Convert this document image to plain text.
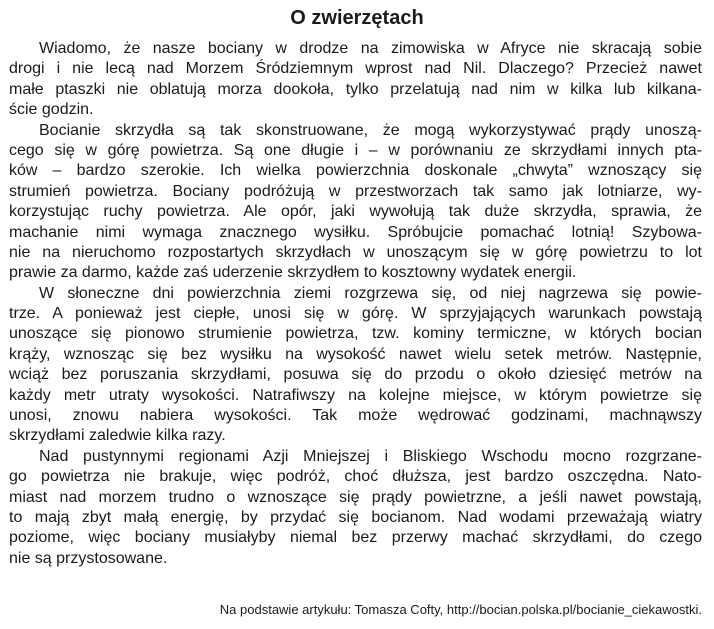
O zwierzętach
Wiadomo, że nasze bociany w drodze na zimowiska w Afryce nie skracają sobie
drogi i nie lecą nad Morzem Śródziemnym wprost nad Nil. Dlaczego? Przecież nawet
małe ptaszki nie oblatują morza dookoła, tylko przelatują nad nim w kilka lub kilkana-
ście godzin.
Bocianie skrzydła są tak skonstruowane, że mogą wykorzystywać prądy unoszą-
cego się w górę powietrza. Są one długie i – w porównaniu ze skrzydłami innych pta-
ków – bardzo szerokie. Ich wielka powierzchnia doskonale „chwyta” wznoszący się
strumień powietrza. Bociany podróżują w przestworzach tak samo jak lotniarze, wy-
korzystując ruchy powietrza. Ale opór, jaki wywołują tak duże skrzydła, sprawia, że
machanie nimi wymaga znacznego wysiłku. Spróbujcie pomachać lotnią! Szybowa-
nie na nieruchomo rozpostartych skrzydłach w unoszącym się w górę powietrzu to lot
prawie za darmo, każde zaś uderzenie skrzydłem to kosztowny wydatek energii.
W słoneczne dni powierzchnia ziemi rozgrzewa się, od niej nagrzewa się powie-
trze. A ponieważ jest ciepłe, unosi się w górę. W sprzyjających warunkach powstają
unoszące się pionowo strumienie powietrza, tzw. kominy termiczne, w których bocian
krąży, wznosząc się bez wysiłku na wysokość nawet wielu setek metrów. Następnie,
wciąż bez poruszania skrzydłami, posuwa się do przodu o około dziesięć metrów na
każdy metr utraty wysokości. Natrafiwszy na kolejne miejsce, w którym powietrze się
unosi, znowu nabiera wysokości. Tak może wędrować godzinami, machnąwszy
skrzydłami zaledwie kilka razy.
Nad pustynnymi regionami Azji Mniejszej i Bliskiego Wschodu mocno rozgrzane-
go powietrza nie brakuje, więc podróż, choć dłuższa, jest bardzo oszczędna. Nato-
miast nad morzem trudno o wznoszące się prądy powietrzne, a jeśli nawet powstają,
to mają zbyt małą energię, by przydać się bocianom. Nad wodami przeważają wiatry
poziome, więc bociany musiałyby niemal bez przerwy machać skrzydłami, do czego
nie są przystosowane.
Na podstawie artykułu: Tomasza Cofty, http://bocian.polska.pl/bocianie_ciekawostki.
